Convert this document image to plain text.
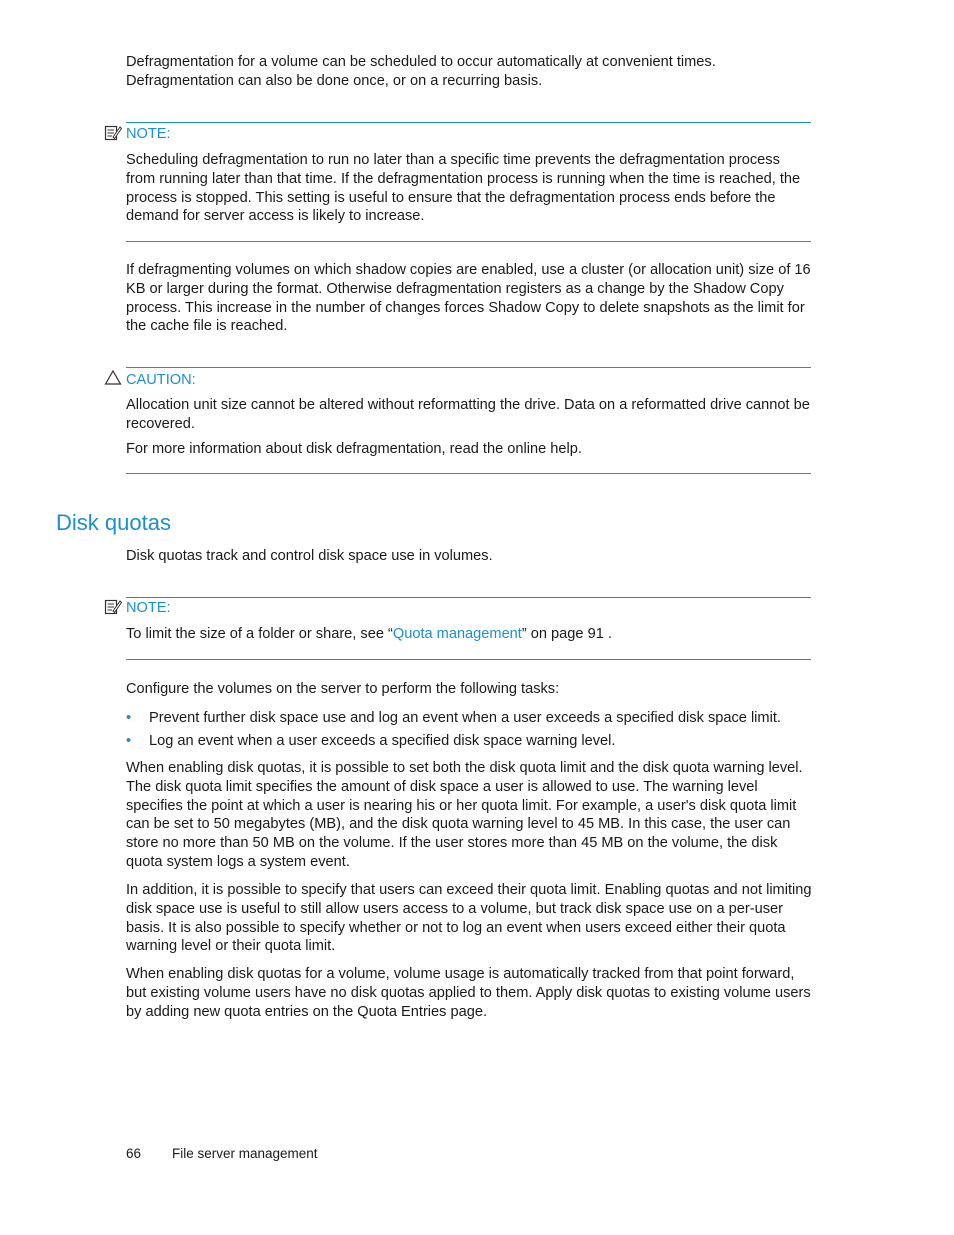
Defragmentation for a volume can be scheduled to occur automatically at convenient times. Defragmentation can also be done once, or on a recurring basis.

NOTE:

Scheduling defragmentation to run no later than a specific time prevents the defragmentation process from running later than that time. If the defragmentation process is running when the time is reached, the process is stopped. This setting is useful to ensure that the defragmentation process ends before the demand for server access is likely to increase.

If defragmenting volumes on which shadow copies are enabled, use a cluster (or allocation unit) size of 16 KB or larger during the format. Otherwise defragmentation registers as a change by the Shadow Copy process. This increase in the number of changes forces Shadow Copy to delete snapshots as the limit for the cache file is reached.

CAUTION:

Allocation unit size cannot be altered without reformatting the drive. Data on a reformatted drive cannot be recovered.

For more information about disk defragmentation, read the online help.

Disk quotas

Disk quotas track and control disk space use in volumes.

NOTE:

To limit the size of a folder or share, see “Quota management” on page 91 .

Configure the volumes on the server to perform the following tasks:

• Prevent further disk space use and log an event when a user exceeds a specified disk space limit.
• Log an event when a user exceeds a specified disk space warning level.

When enabling disk quotas, it is possible to set both the disk quota limit and the disk quota warning level. The disk quota limit specifies the amount of disk space a user is allowed to use. The warning level specifies the point at which a user is nearing his or her quota limit. For example, a user's disk quota limit can be set to 50 megabytes (MB), and the disk quota warning level to 45 MB. In this case, the user can store no more than 50 MB on the volume. If the user stores more than 45 MB on the volume, the disk quota system logs a system event.

In addition, it is possible to specify that users can exceed their quota limit. Enabling quotas and not limiting disk space use is useful to still allow users access to a volume, but track disk space use on a per-user basis. It is also possible to specify whether or not to log an event when users exceed either their quota warning level or their quota limit.

When enabling disk quotas for a volume, volume usage is automatically tracked from that point forward, but existing volume users have no disk quotas applied to them. Apply disk quotas to existing volume users by adding new quota entries on the Quota Entries page.

66 File server management
